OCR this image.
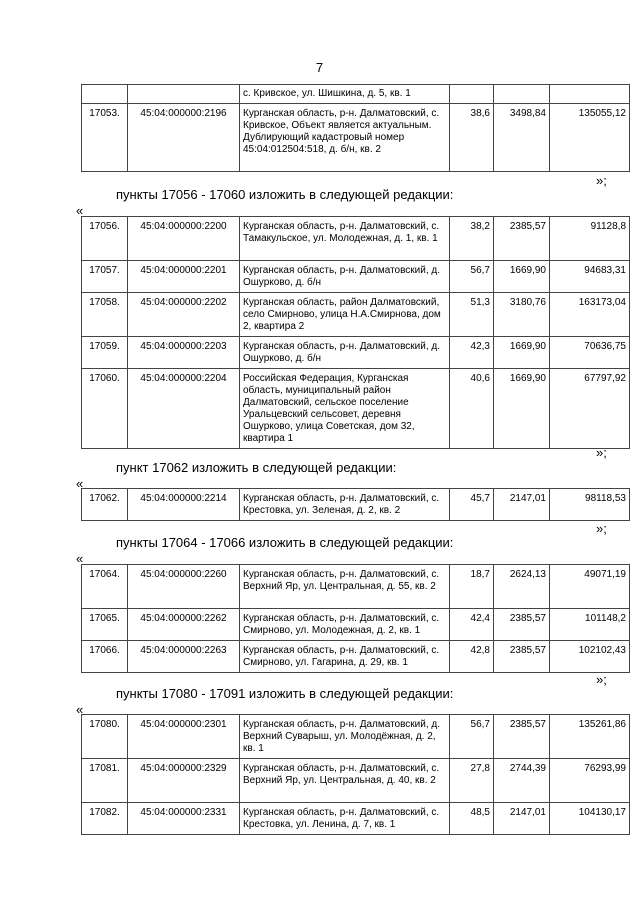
7
		с. Кривское, ул. Шишкина, д. 5, кв. 1			
17053.	45:04:000000:2196	Курганская область, р-н. Далматовский, с. Кривское, Объект является актуальным. Дублирующий кадастровый номер 45:04:012504:518, д. б/н, кв. 2	38,6	3498,84	135055,12
»;
пункты 17056 - 17060 изложить в следующей редакции:
«
17056.	45:04:000000:2200	Курганская область, р-н. Далматовский, с. Тамакульское, ул. Молодежная, д. 1, кв. 1	38,2	2385,57	91128,8
17057.	45:04:000000:2201	Курганская область, р-н. Далматовский, д. Ошурково, д. б/н	56,7	1669,90	94683,31
17058.	45:04:000000:2202	Курганская область, район Далматовский, село Смирново, улица Н.А.Смирнова, дом 2, квартира 2	51,3	3180,76	163173,04
17059.	45:04:000000:2203	Курганская область, р-н. Далматовский, д. Ошурково, д. б/н	42,3	1669,90	70636,75
17060.	45:04:000000:2204	Российская Федерация, Курганская область, муниципальный район Далматовский, сельское поселение Уральцевский сельсовет, деревня Ошурково, улица Советская, дом 32, квартира 1	40,6	1669,90	67797,92
»;
пункт 17062 изложить в следующей редакции:
«
17062.	45:04:000000:2214	Курганская область, р-н. Далматовский, с. Крестовка, ул. Зеленая, д. 2, кв. 2	45,7	2147,01	98118,53
»;
пункты 17064 - 17066 изложить в следующей редакции:
«
17064.	45:04:000000:2260	Курганская область, р-н. Далматовский, с. Верхний Яр, ул. Центральная, д. 55, кв. 2	18,7	2624,13	49071,19
17065.	45:04:000000:2262	Курганская область, р-н. Далматовский, с. Смирново, ул. Молодежная, д. 2, кв. 1	42,4	2385,57	101148,2
17066.	45:04:000000:2263	Курганская область, р-н. Далматовский, с. Смирново, ул. Гагарина, д. 29, кв. 1	42,8	2385,57	102102,43
»;
пункты 17080 - 17091 изложить в следующей редакции:
«
17080.	45:04:000000:2301	Курганская область, р-н. Далматовский, д. Верхний Суварыш, ул. Молодёжная, д. 2, кв. 1	56,7	2385,57	135261,86
17081.	45:04:000000:2329	Курганская область, р-н. Далматовский, с. Верхний Яр, ул. Центральная, д. 40, кв. 2	27,8	2744,39	76293,99
17082.	45:04:000000:2331	Курганская область, р-н. Далматовский, с. Крестовка, ул. Ленина, д. 7, кв. 1	48,5	2147,01	104130,17
